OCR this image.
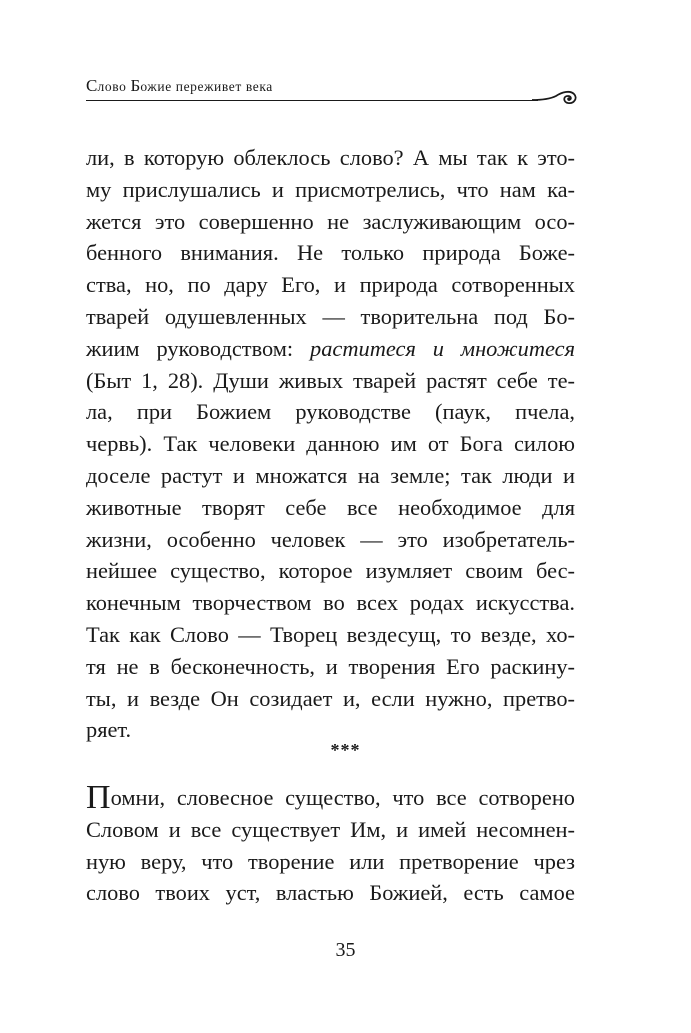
Слово Божие переживет века
ли, в которую облеклось слово? А мы так к это-
му прислушались и присмотрелись, что нам ка-
жется это совершенно не заслуживающим осо-
бенного внимания. Не только природа Боже-
ства, но, по дару Его, и природа сотворенных
тварей одушевленных — творительна под Бо-
жиим руководством: раститеся и множитеся
(Быт 1, 28). Души живых тварей растят себе те-
ла, при Божием руководстве (паук, пчела,
червь). Так человеки данною им от Бога силою
доселе растут и множатся на земле; так люди и
животные творят себе все необходимое для
жизни, особенно человек — это изобретатель-
нейшее существо, которое изумляет своим бес-
конечным творчеством во всех родах искусства.
Так как Слово — Творец вездесущ, то везде, хо-
тя не в бесконечность, и творения Его раскину-
ты, и везде Он созидает и, если нужно, претво-
ряет.
***
Помни, словесное существо, что все сотворено
Словом и все существует Им, и имей несомнен-
ную веру, что творение или претворение чрез
слово твоих уст, властью Божией, есть самое
35
